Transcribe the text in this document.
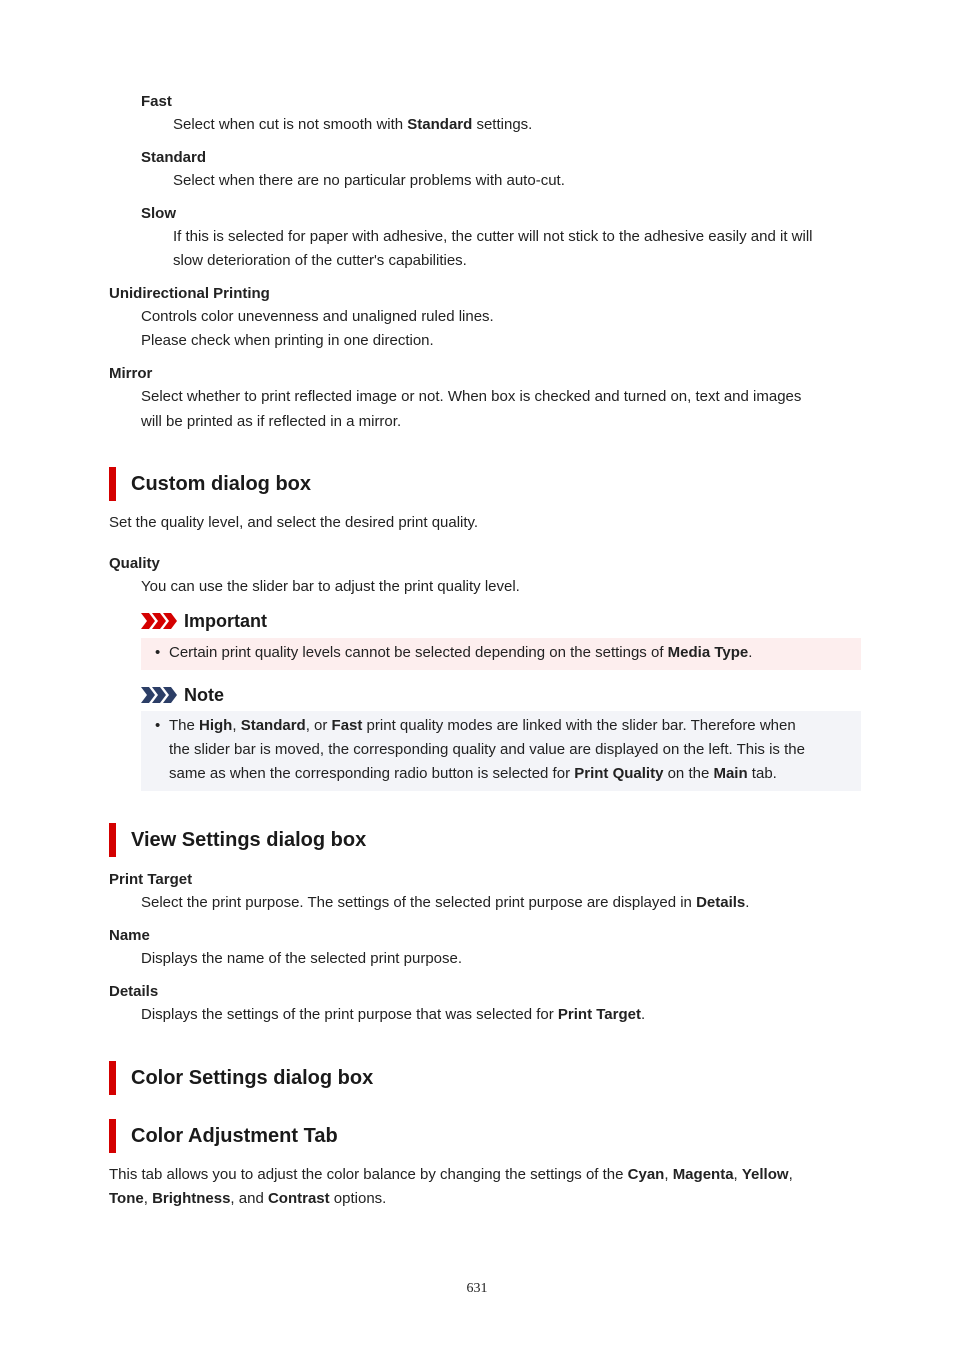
Fast
Select when cut is not smooth with Standard settings.
Standard
Select when there are no particular problems with auto-cut.
Slow
If this is selected for paper with adhesive, the cutter will not stick to the adhesive easily and it will
slow deterioration of the cutter's capabilities.
Unidirectional Printing
Controls color unevenness and unaligned ruled lines.
Please check when printing in one direction.
Mirror
Select whether to print reflected image or not. When box is checked and turned on, text and images
will be printed as if reflected in a mirror.
Custom dialog box
Set the quality level, and select the desired print quality.
Quality
You can use the slider bar to adjust the print quality level.
Important
• Certain print quality levels cannot be selected depending on the settings of Media Type.
Note
• The High, Standard, or Fast print quality modes are linked with the slider bar. Therefore when
the slider bar is moved, the corresponding quality and value are displayed on the left. This is the
same as when the corresponding radio button is selected for Print Quality on the Main tab.
View Settings dialog box
Print Target
Select the print purpose. The settings of the selected print purpose are displayed in Details.
Name
Displays the name of the selected print purpose.
Details
Displays the settings of the print purpose that was selected for Print Target.
Color Settings dialog box
Color Adjustment Tab
This tab allows you to adjust the color balance by changing the settings of the Cyan, Magenta, Yellow,
Tone, Brightness, and Contrast options.
631
